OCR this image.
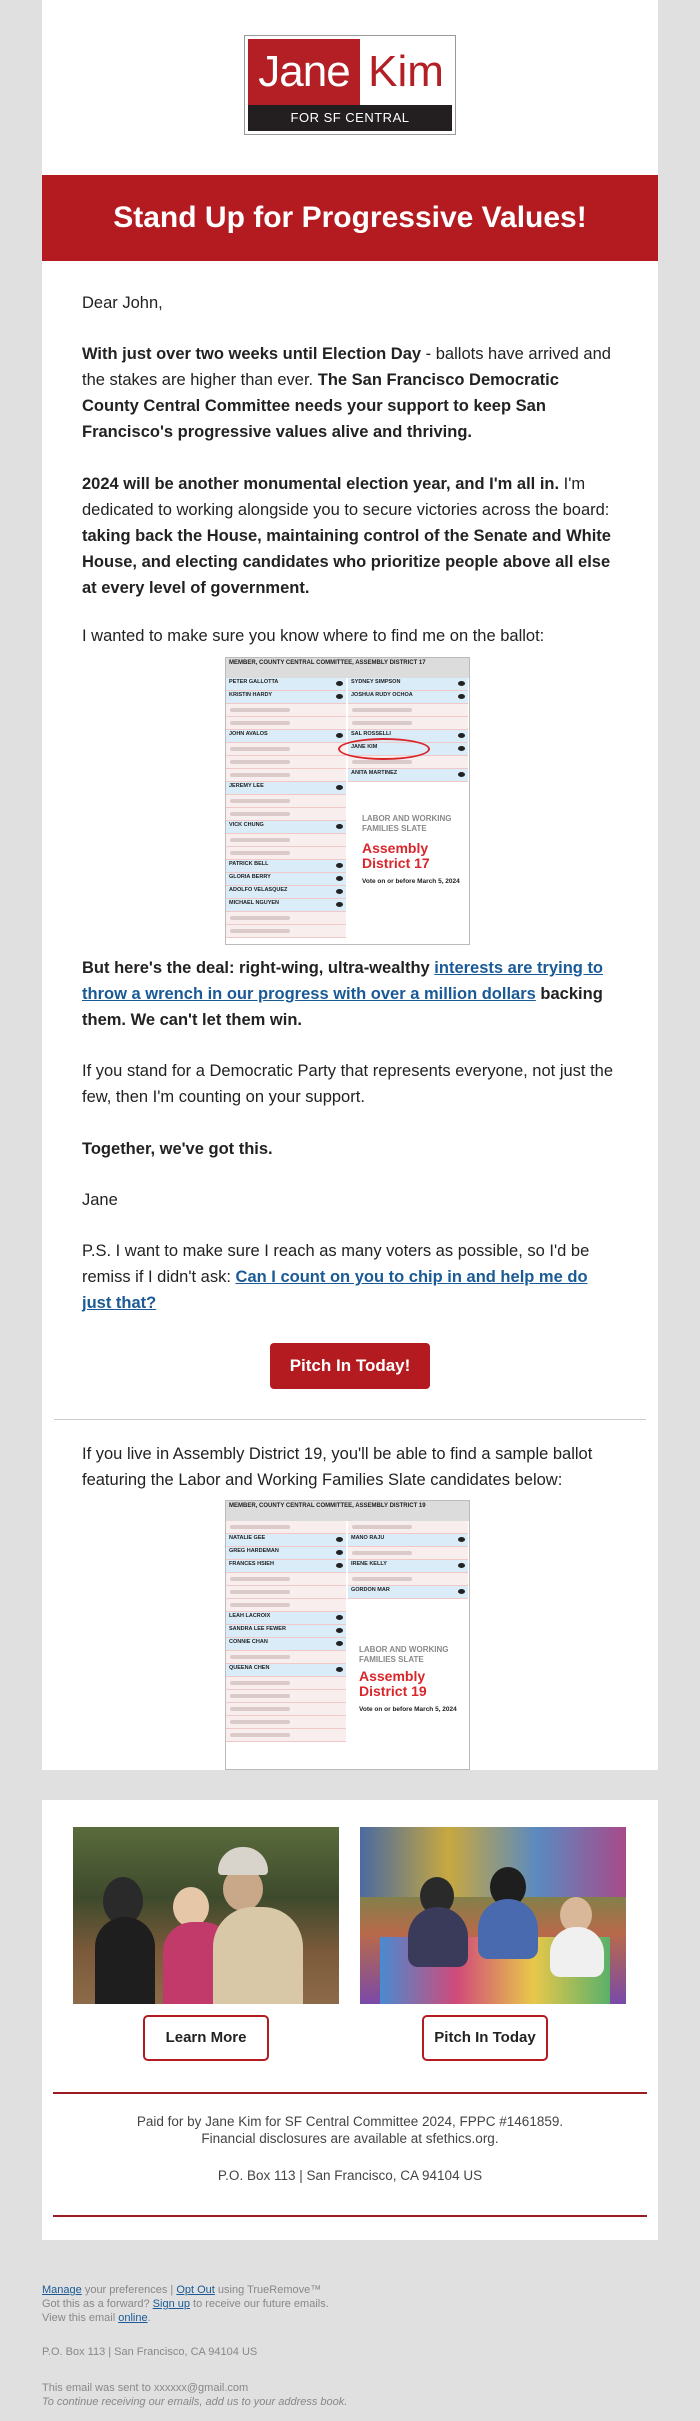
Jane Kim
FOR SF CENTRAL COMMITTEE
Stand Up for Progressive Values!
Dear John,
With just over two weeks until Election Day - ballots have arrived and the stakes are higher than ever. The San Francisco Democratic County Central Committee needs your support to keep San Francisco's progressive values alive and thriving.
2024 will be another monumental election year, and I'm all in. I'm dedicated to working alongside you to secure victories across the board: taking back the House, maintaining control of the Senate and White House, and electing candidates who prioritize people above all else at every level of government.
I wanted to make sure you know where to find me on the ballot:
MEMBER, COUNTY CENTRAL COMMITTEE, ASSEMBLY DISTRICT 17
PETER GALLOTTA
KRISTIN HARDY
JOHN AVALOS
JEREMY LEE
VICK CHUNG
PATRICK BELL
GLORIA BERRY
ADOLFO VELASQUEZ
MICHAEL NGUYEN
SYDNEY SIMPSON
JOSHUA RUDY OCHOA
SAL ROSSELLI
JANE KIM
ANITA MARTINEZ
LABOR AND WORKING FAMILIES SLATE
Assembly District 17
Vote on or before March 5, 2024
But here's the deal: right-wing, ultra-wealthy interests are trying to throw a wrench in our progress with over a million dollars backing them. We can't let them win.
If you stand for a Democratic Party that represents everyone, not just the few, then I'm counting on your support.
Together, we've got this.
Jane
P.S. I want to make sure I reach as many voters as possible, so I'd be remiss if I didn't ask: Can I count on you to chip in and help me do just that?
Pitch In Today!
If you live in Assembly District 19, you'll be able to find a sample ballot featuring the Labor and Working Families Slate candidates below:
MEMBER, COUNTY CENTRAL COMMITTEE, ASSEMBLY DISTRICT 19
NATALIE GEE
GREG HARDEMAN
FRANCES HSIEH
LEAH LACROIX
SANDRA LEE FEWER
CONNIE CHAN
QUEENA CHEN
MANO RAJU
IRENE KELLY
GORDON MAR
LABOR AND WORKING FAMILIES SLATE
Assembly District 19
Vote on or before March 5, 2024
Learn More	Pitch In Today
Paid for by Jane Kim for SF Central Committee 2024, FPPC #1461859.
Financial disclosures are available at sfethics.org.
P.O. Box 113 | San Francisco, CA 94104 US
Manage your preferences | Opt Out using TrueRemove™
Got this as a forward? Sign up to receive our future emails.
View this email online.
P.O. Box 113 | San Francisco, CA 94104 US
This email was sent to xxxxxx@gmail.com
To continue receiving our emails, add us to your address book.
